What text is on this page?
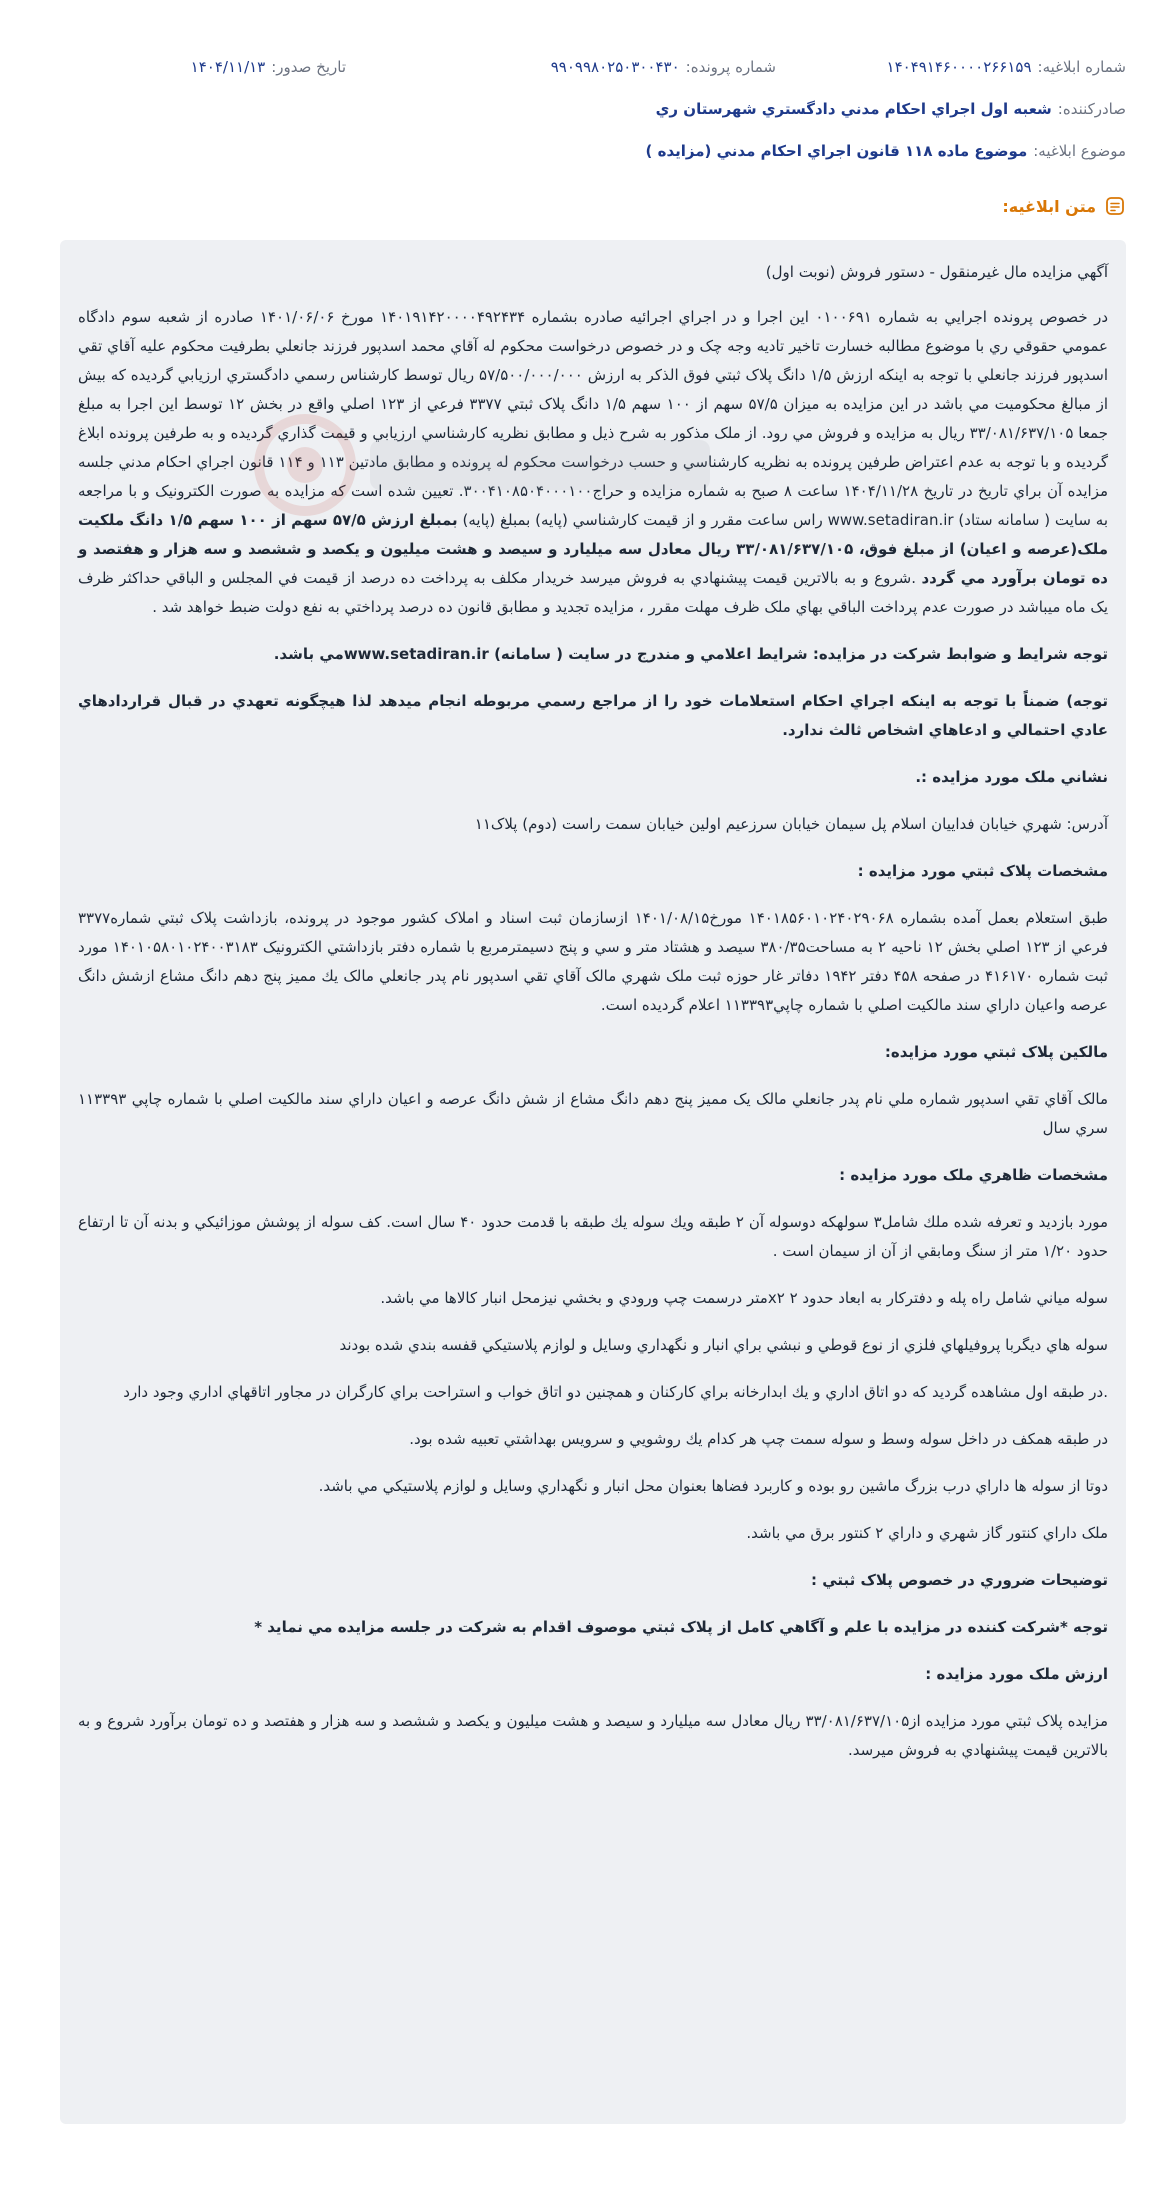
شماره ابلاغيه:
۱۴۰۴۹۱۴۶۰۰۰۰۲۶۶۱۵۹
شماره پرونده:
۹۹۰۹۹۸۰۲۵۰۳۰۰۴۳۰
تاريخ صدور:
۱۴۰۴/۱۱/۱۳
صادركننده:
شعبه اول اجراي احكام مدني دادگستري شهرستان ري
موضوع ابلاغيه:
موضوع ماده ۱۱۸ قانون اجراي احكام مدني (مزايده )
متن ابلاغيه:

آگهي مزايده مال غيرمنقول - دستور فروش (نوبت اول)

در خصوص پرونده اجرايي به شماره ۰۱۰۰۶۹۱ اين اجرا و در اجراي اجرائيه صادره بشماره ۱۴۰۱۹۱۴۲۰۰۰۰۴۹۲۴۳۴ مورخ ۱۴۰۱/۰۶/۰۶ صادره از شعبه سوم دادگاه عمومي حقوقي ري با موضوع مطالبه خسارت تاخير تاديه وجه چک و در خصوص درخواست محکوم له آقاي محمد اسدپور فرزند جانعلي بطرفيت محكوم عليه آقاي تقي اسدپور فرزند جانعلي با توجه به اينكه ارزش ۱/۵ دانگ پلاک ثبتي فوق الذكر به ارزش ۵۷/۵۰۰/۰۰۰/۰۰۰ ريال توسط كارشناس رسمي دادگستري ارزيابي گرديده كه بيش از مبالغ محكوميت مي باشد در اين مزايده به ميزان ۵۷/۵ سهم از ۱۰۰ سهم ۱/۵ دانگ پلاک ثبتي ۳۳۷۷ فرعي از ۱۲۳ اصلي واقع در بخش ۱۲ توسط اين اجرا به مبلغ جمعا ۳۳/۰۸۱/۶۳۷/۱۰۵ ريال به مزايده و فروش مي رود. از ملک مذكور به شرح ذيل و مطابق نظريه كارشناسي ارزيابي و قيمت گذاري گرديده و به طرفين پرونده ابلاغ گرديده و با توجه به عدم اعتراض طرفين پرونده به نظريه كارشناسي و حسب درخواست محكوم له پرونده و مطابق مادتين ۱۱۳ و ۱۱۴ قانون اجراي احكام مدني جلسه مزايده آن براي تاريخ در تاريخ ۱۴۰۴/۱۱/۲۸ ساعت ۸ صبح به شماره مزايده و حراج۳۰۰۴۱۰۸۵۰۴۰۰۰۱۰۰. تعيين شده است كه مزايده به صورت الكترونيک و با مراجعه به سايت ( سامانه ستاد) www.setadiran.ir راس ساعت مقرر و از قيمت كارشناسي (پايه) بمبلغ (پايه) بمبلغ ارزش ۵۷/۵ سهم از ۱۰۰ سهم ۱/۵ دانگ ملكيت ملک(عرصه و اعيان) از مبلغ فوق، ۳۳/۰۸۱/۶۳۷/۱۰۵ ريال معادل سه ميليارد و سيصد و هشت ميليون و يكصد و ششصد و سه هزار و هفتصد و ده تومان برآورد مي گردد .شروع و به بالاترين قيمت پيشنهادي به فروش ميرسد خريدار مكلف به پرداخت ده درصد از قيمت في المجلس و الباقي حداكثر ظرف يک ماه ميباشد در صورت عدم پرداخت الباقي بهاي ملک ظرف مهلت مقرر ، مزايده تجديد و مطابق قانون ده درصد پرداختي به نفع دولت ضبط خواهد شد .

توجه شرايط و ضوابط شركت در مزايده: شرايط اعلامي و مندرج در سايت ( سامانه) www.setadiran.irمي باشد.

توجه) ضمناً با توجه به اينكه اجراي احكام استعلامات خود را از مراجع رسمي مربوطه انجام ميدهد لذا هيچگونه تعهدي در قبال قراردادهاي عادي احتمالي و ادعاهاي اشخاص ثالث ندارد.

نشاني ملک مورد مزايده :.

آدرس: شهري خيابان فداييان اسلام پل سيمان خيابان سرزعيم اولين خيابان سمت راست (دوم) پلاک۱۱

مشخصات پلاک ثبتي مورد مزايده :

طبق استعلام بعمل آمده بشماره ۱۴۰۱۸۵۶۰۱۰۲۴۰۲۹۰۶۸ مورخ۱۴۰۱/۰۸/۱۵ ازسازمان ثبت اسناد و املاک كشور موجود در پرونده، بازداشت پلاک ثبتي شماره۳۳۷۷ فرعي از ۱۲۳ اصلي بخش ۱۲ ناحيه ۲ به مساحت۳۸۰/۳۵ سيصد و هشتاد متر و سي و پنج دسيمترمربع با شماره دفتر بازداشتي الكترونيک ۱۴۰۱۰۵۸۰۱۰۲۴۰۰۳۱۸۳ مورد ثبت شماره ۴۱۶۱۷۰ در صفحه ۴۵۸ دفتر ۱۹۴۲ دفاتر غار حوزه ثبت ملک شهري مالک آقاي تقي اسدپور نام پدر جانعلي مالک يك مميز پنج دهم دانگ مشاع ازشش دانگ عرصه واعيان داراي سند مالكيت اصلي با شماره چاپي۱۱۳۳۹۳ اعلام گرديده است.

مالكين پلاک ثبتي مورد مزايده:

مالک آقاي تقي اسدپور شماره ملي نام پدر جانعلي مالک يک مميز پنج دهم دانگ مشاع از شش دانگ عرصه و اعيان داراي سند مالكيت اصلي با شماره چاپي ۱۱۳۳۹۳ سري سال

مشخصات ظاهري ملک مورد مزايده :

مورد بازديد و تعرفه شده ملك شامل۳ سولهكه دوسوله آن ۲ طبقه ويك سوله يك طبقه با قدمت حدود ۴۰ سال است. كف سوله از پوشش موزائيكي و بدنه آن تا ارتفاع حدود ۱/۲۰ متر از سنگ ومابقي از آن از سيمان است .

سوله مياني شامل راه پله و دفتركار به ابعاد حدود ۲ x۲متر درسمت چپ ورودي و بخشي نيزمحل انبار كالاها مي باشد.

سوله هاي ديگربا پروفيلهاي فلزي از نوع قوطي و نبشي براي انبار و نگهداري وسايل و لوازم پلاستيكي قفسه بندي شده بودند

.در طبقه اول مشاهده گرديد كه دو اتاق اداري و يك ابدارخانه براي كاركنان و همچنين دو اتاق خواب و استراحت براي كارگران در مجاور اتاقهاي اداري وجود دارد

در طبقه همكف در داخل سوله وسط و سوله سمت چپ هر كدام يك روشويي و سرويس بهداشتي تعبيه شده بود.

دوتا از سوله ها داراي درب بزرگ ماشين رو بوده و كاربرد فضاها بعنوان محل انبار و نگهداري وسايل و لوازم پلاستيكي مي باشد.

ملک داراي كنتور گاز شهري و داراي ۲ كنتور برق مي باشد.

توضيحات ضروري در خصوص پلاک ثبتي :

توجه *شركت كننده در مزايده با علم و آگاهي كامل از پلاک ثبتي موصوف اقدام به شركت در جلسه مزايده مي نمايد *

ارزش ملک مورد مزايده :

مزايده پلاک ثبتي مورد مزايده از۳۳/۰۸۱/۶۳۷/۱۰۵ ريال معادل سه ميليارد و سيصد و هشت ميليون و يكصد و ششصد و سه هزار و هفتصد و ده تومان برآورد شروع و به بالاترين قيمت پيشنهادي به فروش ميرسد.
